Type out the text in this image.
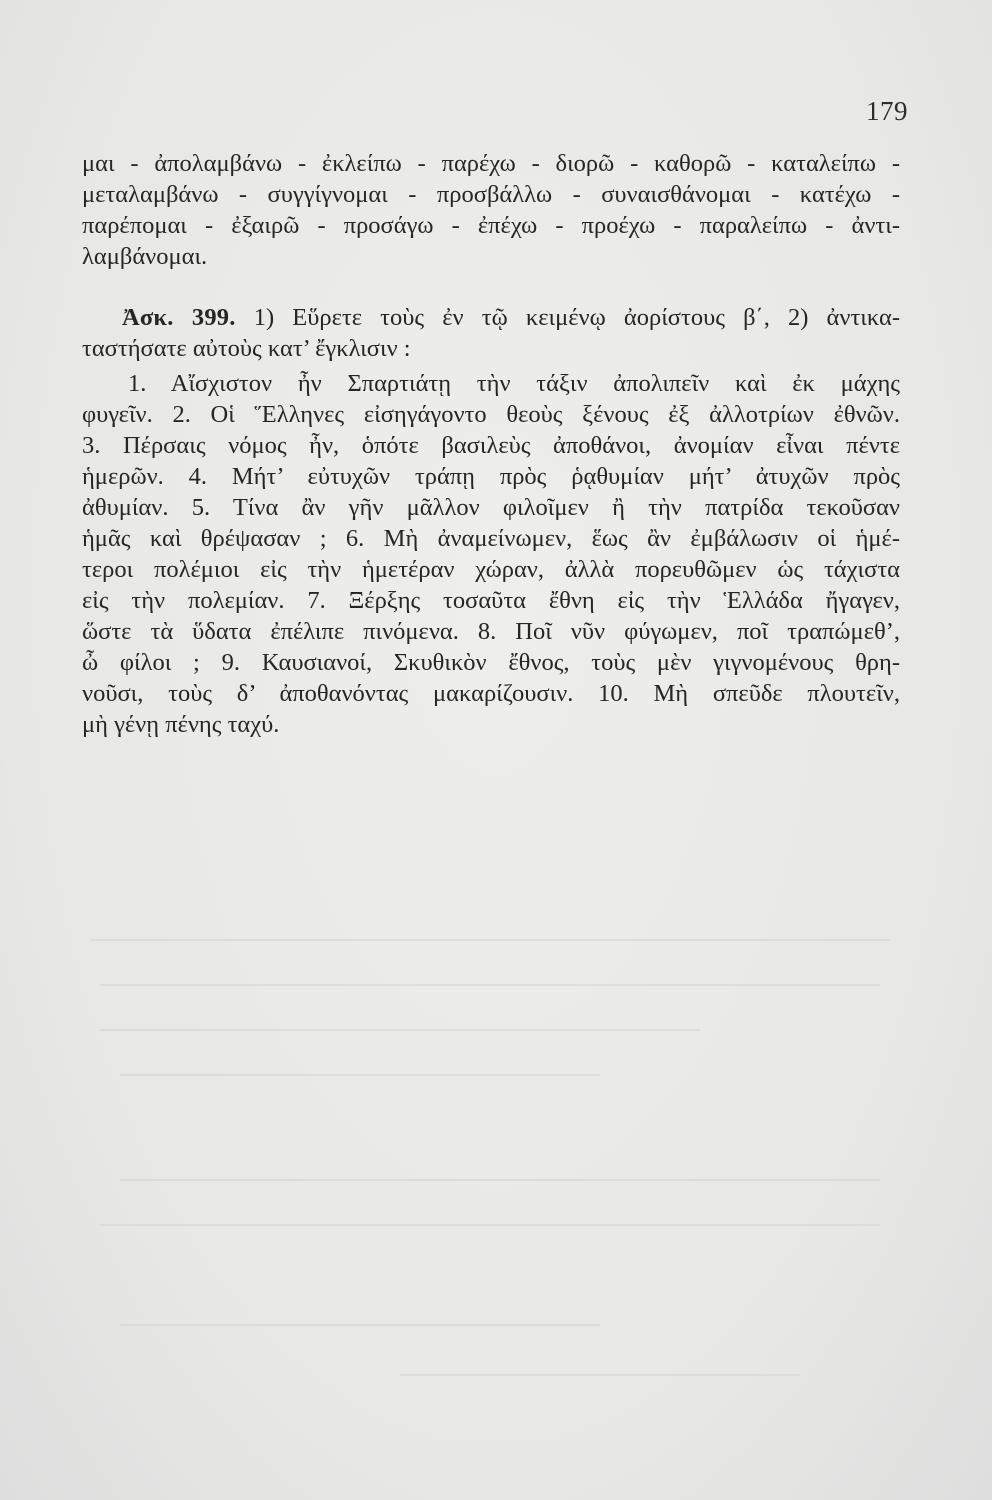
179
μαι - ἀπολαμβάνω - ἐκλείπω - παρέχω - διορῶ - καθορῶ - καταλείπω -
μεταλαμβάνω - συγγίγνομαι - προσβάλλω - συναισθάνομαι - κατέχω -
παρέπομαι - ἐξαιρῶ - προσάγω - ἐπέχω - προέχω - παραλείπω - ἀντι-
λαμβάνομαι.
Ἀσκ. 399. 1) Εὕρετε τοὺς ἐν τῷ κειμένῳ ἀορίστους β΄, 2) ἀντικα-
ταστήσατε αὐτοὺς κατ’ ἔγκλισιν :
1. Αἴσχιστον ἦν Σπαρτιάτῃ τὴν τάξιν ἀπολιπεῖν καὶ ἐκ μάχης
φυγεῖν. 2. Οἱ Ἕλληνες εἰσηγάγοντο θεοὺς ξένους ἐξ ἀλλοτρίων ἐθνῶν.
3. Πέρσαις νόμος ἦν, ὁπότε βασιλεὺς ἀποθάνοι, ἀνομίαν εἶναι πέντε
ἡμερῶν. 4. Μήτ’ εὐτυχῶν τράπῃ πρὸς ῥᾳθυμίαν μήτ’ ἀτυχῶν πρὸς
ἀθυμίαν. 5. Τίνα ἂν γῆν μᾶλλον φιλοῖμεν ἢ τὴν πατρίδα τεκοῦσαν
ἡμᾶς καὶ θρέψασαν ; 6. Μὴ ἀναμείνωμεν, ἕως ἂν ἐμβάλωσιν οἱ ἡμέ-
τεροι πολέμιοι εἰς τὴν ἡμετέραν χώραν, ἀλλὰ πορευθῶμεν ὡς τάχιστα
εἰς τὴν πολεμίαν. 7. Ξέρξης τοσαῦτα ἔθνη εἰς τὴν Ἑλλάδα ἤγαγεν,
ὥστε τὰ ὕδατα ἐπέλιπε πινόμενα. 8. Ποῖ νῦν φύγωμεν, ποῖ τραπώμεθ’,
ὦ φίλοι ; 9. Καυσιανοί, Σκυθικὸν ἔθνος, τοὺς μὲν γιγνομένους θρη-
νοῦσι, τοὺς δ’ ἀποθανόντας μακαρίζουσιν. 10. Μὴ σπεῦδε πλουτεῖν,
μὴ γένῃ πένης ταχύ.
